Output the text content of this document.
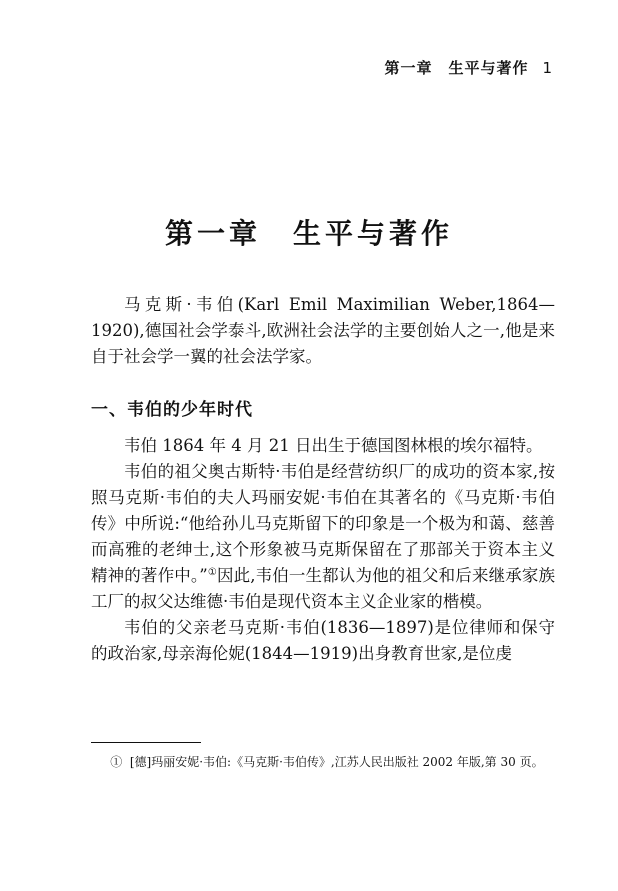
第一章　生平与著作 1
第一章 生平与著作

马克斯·韦伯(Karl Emil Maximilian Weber,1864—1920),德国社会学泰斗,欧洲社会法学的主要创始人之一,他是来自于社会学一翼的社会法学家。

一、韦伯的少年时代

韦伯 1864 年 4 月 21 日出生于德国图林根的埃尔福特。

韦伯的祖父奥古斯特·韦伯是经营纺织厂的成功的资本家,按照马克斯·韦伯的夫人玛丽安妮·韦伯在其著名的《马克斯·韦伯传》中所说:“他给孙儿马克斯留下的印象是一个极为和蔼、慈善而高雅的老绅士,这个形象被马克斯保留在了那部关于资本主义精神的著作中。”①因此,韦伯一生都认为他的祖父和后来继承家族工厂的叔父达维德·韦伯是现代资本主义企业家的楷模。

韦伯的父亲老马克斯·韦伯(1836—1897)是位律师和保守的政治家,母亲海伦妮(1844—1919)出身教育世家,是位虔

① [德]玛丽安妮·韦伯:《马克斯·韦伯传》,江苏人民出版社 2002 年版,第 30 页。
